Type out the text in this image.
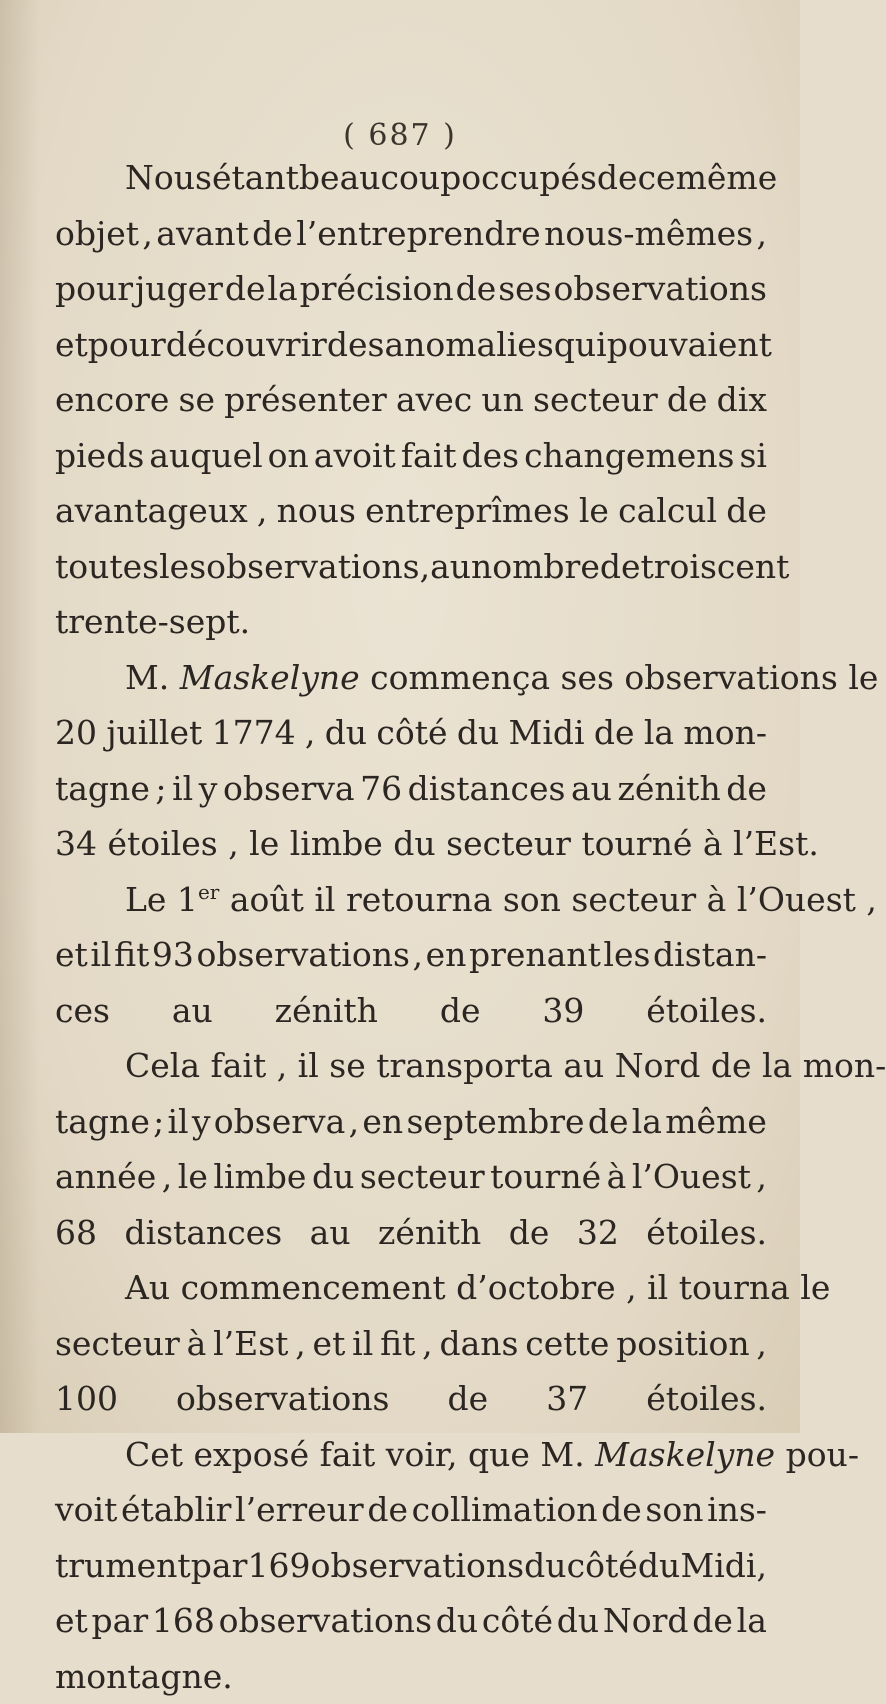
( 687 )
Nous étant beaucoup occupés de ce même
objet , avant de l’entreprendre nous-mêmes ,
pour juger de la précision de ses observations
et pour découvrir des anomalies qui pouvaient
encore se présenter avec un secteur de dix
pieds auquel on avoit fait des changemens si
avantageux , nous entreprîmes le calcul de
toutes les observations , au nombre de trois cent
trente-sept.
M. Maskelyne commença ses observations le
20 juillet 1774 , du côté du Midi de la mon-
tagne ; il y observa 76 distances au zénith de
34 étoiles , le limbe du secteur tourné à l’Est.
Le 1er août il retourna son secteur à l’Ouest ,
et il fit 93 observations , en prenant les distan-
ces au zénith de 39 étoiles.
Cela fait , il se transporta au Nord de la mon-
tagne ; il y observa , en septembre de la même
année , le limbe du secteur tourné à l’Ouest ,
68 distances au zénith de 32 étoiles.
Au commencement d’octobre , il tourna le
secteur à l’Est , et il fit , dans cette position ,
100 observations de 37 étoiles.
Cet exposé fait voir, que M. Maskelyne pou-
voit établir l’erreur de collimation de son ins-
trument par 169 observations du côté du Midi,
et par 168 observations du côté du Nord de la
montagne.
